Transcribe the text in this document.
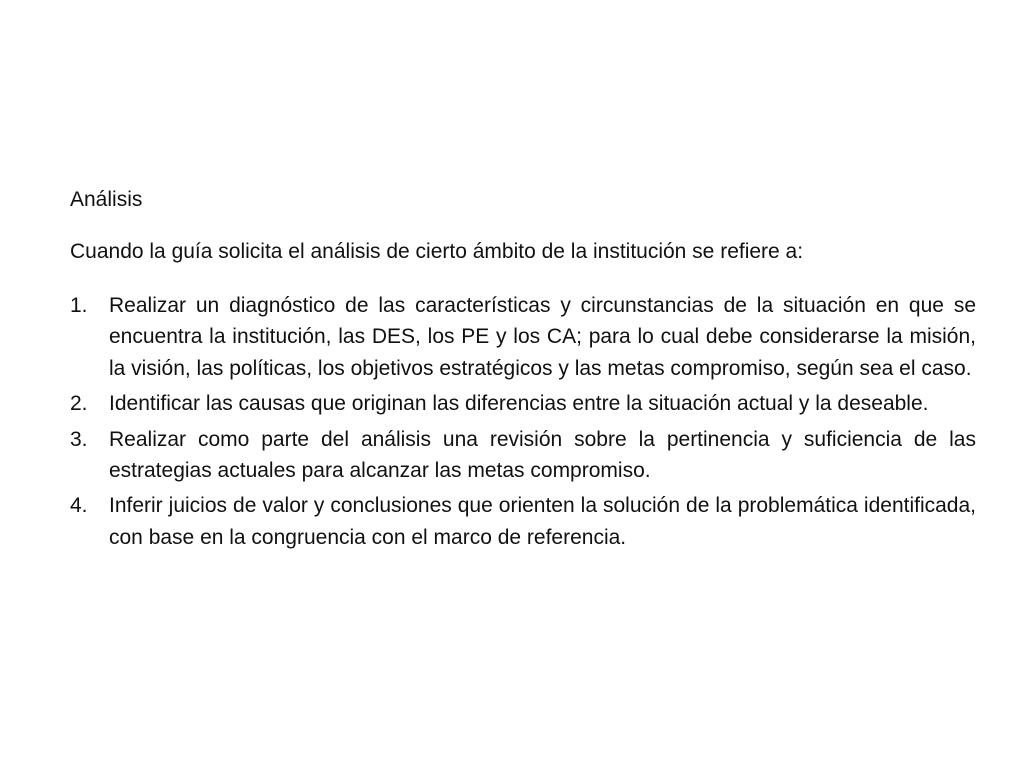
Análisis
Cuando la guía solicita el análisis de cierto ámbito de la institución se refiere a:
1. Realizar un diagnóstico de las características y circunstancias de la situación en que se encuentra la institución, las DES, los PE y los CA; para lo cual debe considerarse la misión, la visión, las políticas, los objetivos estratégicos y las metas compromiso, según sea el caso.
2. Identificar las causas que originan las diferencias entre la situación actual y la deseable.
3. Realizar como parte del análisis una revisión sobre la pertinencia y suficiencia de las estrategias actuales para alcanzar las metas compromiso.
4. Inferir juicios de valor y conclusiones que orienten la solución de la problemática identificada, con base en la congruencia con el marco de referencia.
